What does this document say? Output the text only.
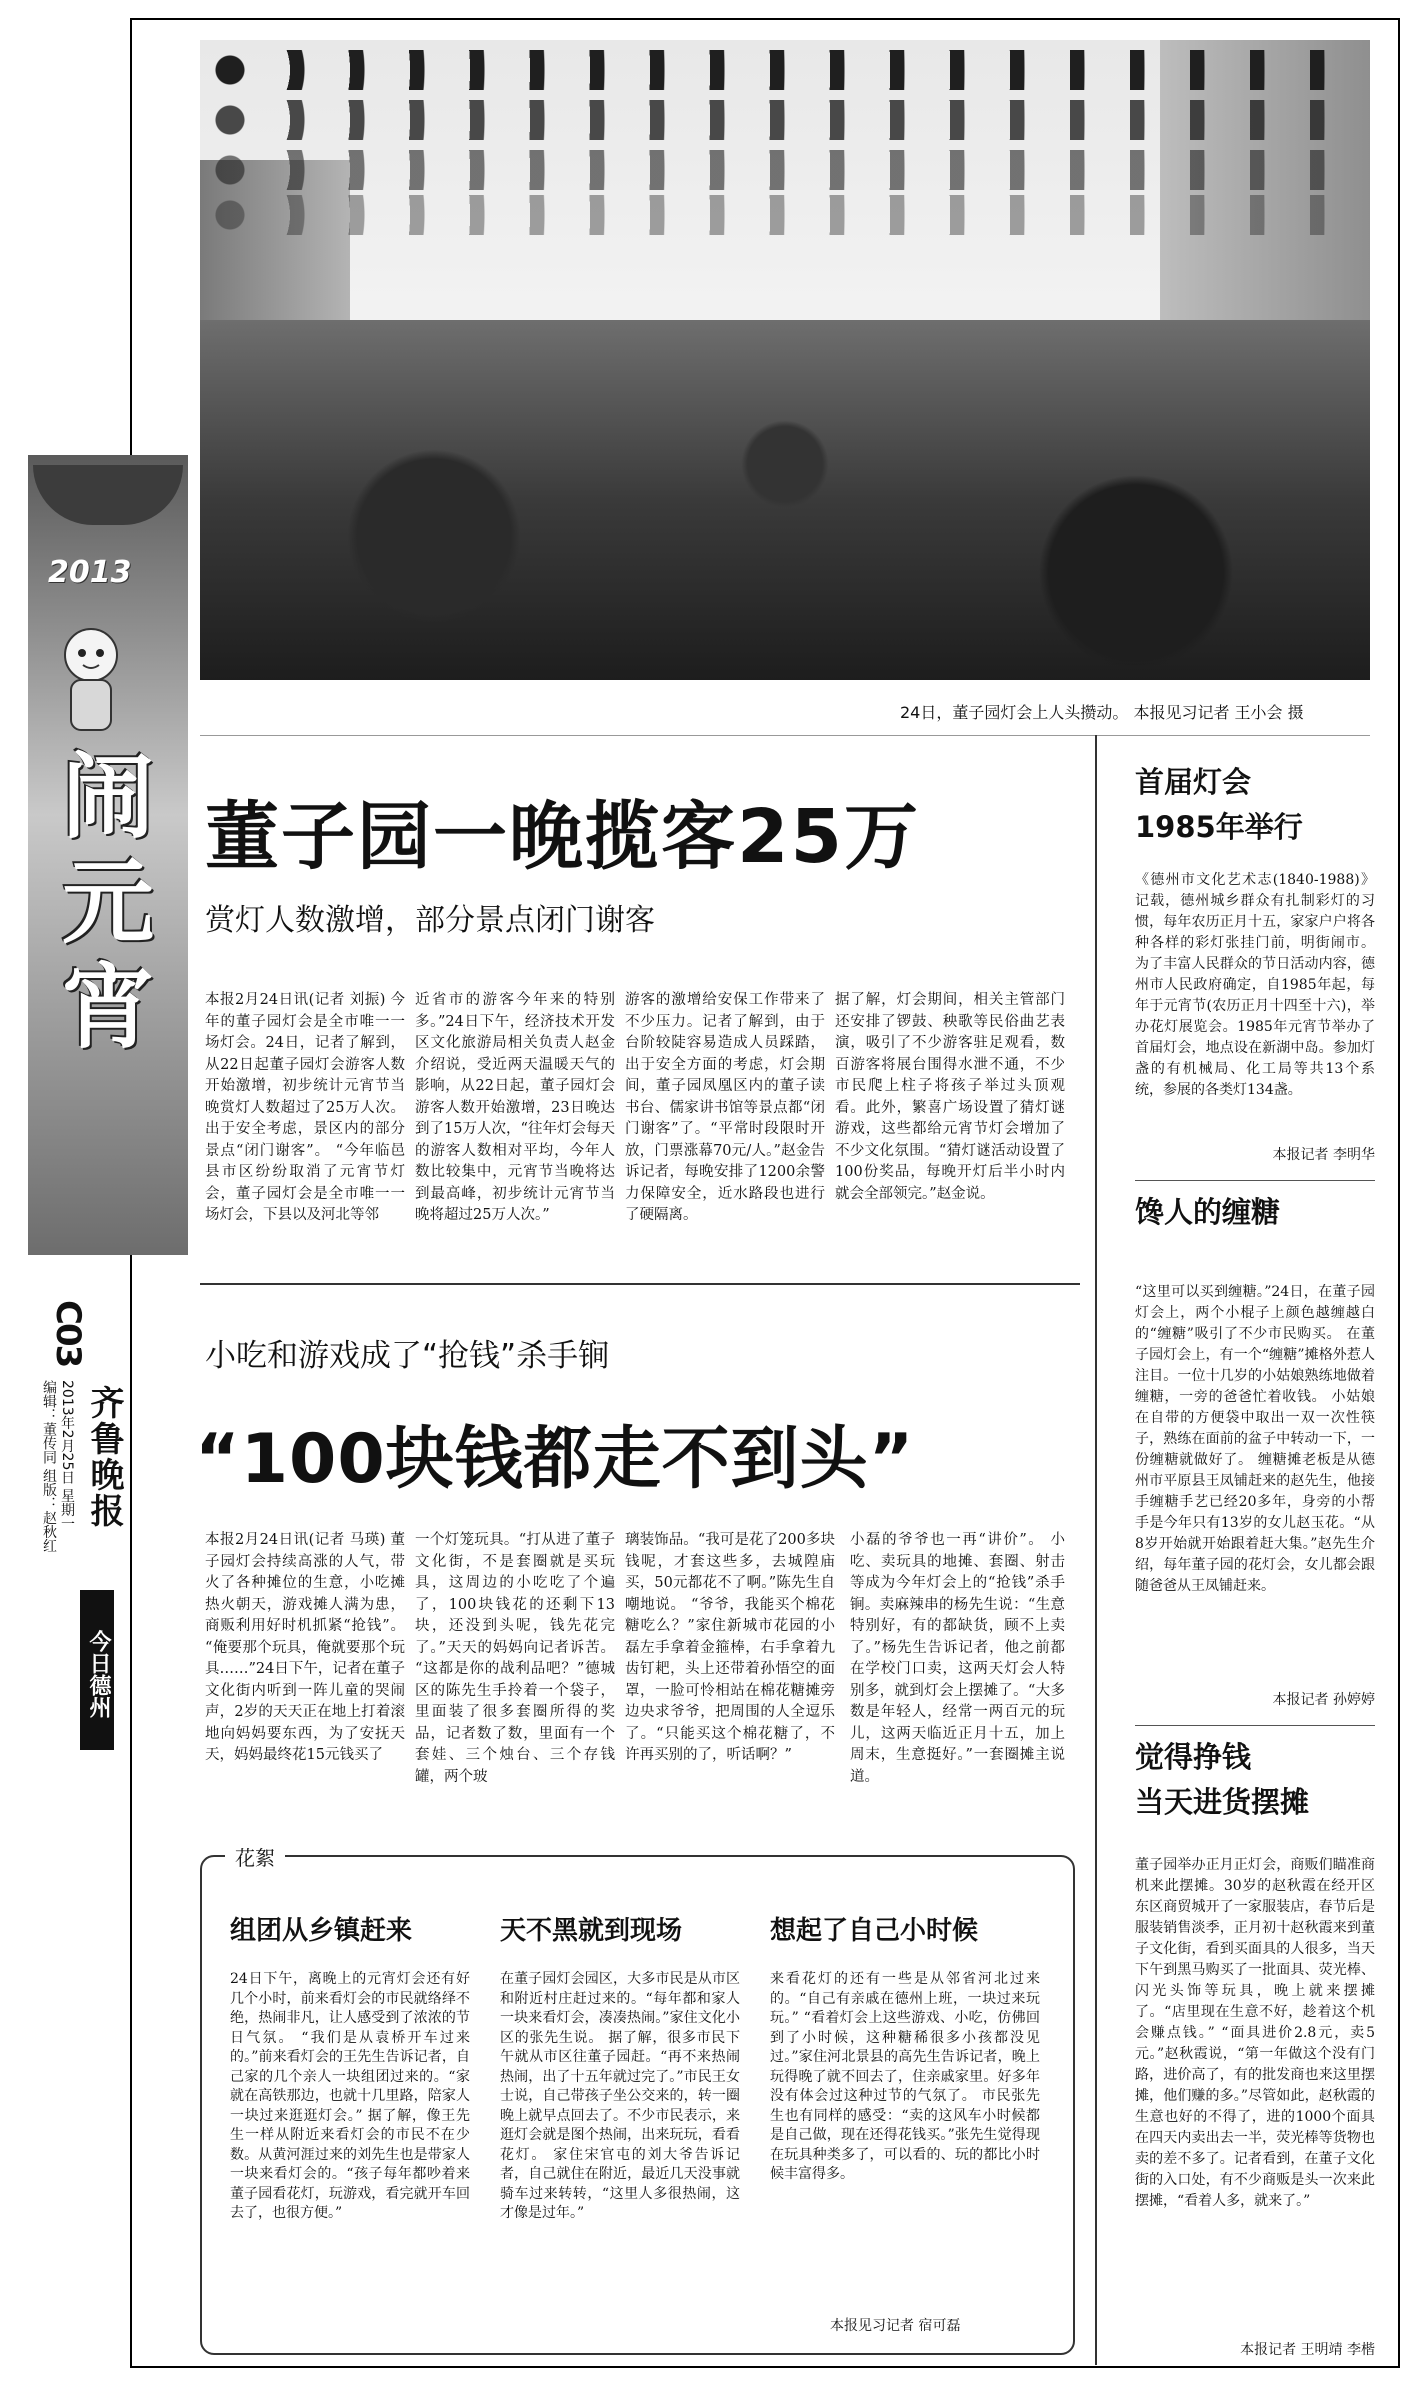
2013
闹元宵
C03
编辑：董传同 组版：赵秋红 2013年2月25日 星期一 齐鲁晚报
今日德州
24日，董子园灯会上人头攒动。 本报见习记者 王小会 摄
董子园一晚揽客25万
赏灯人数激增，部分景点闭门谢客
本报2月24日讯(记者 刘振) 今年的董子园灯会是全市唯一一场灯会。24日，记者了解到，从22日起董子园灯会游客人数开始激增，初步统计元宵节当晚赏灯人数超过了25万人次。出于安全考虑，景区内的部分景点“闭门谢客”。 “今年临邑县市区纷纷取消了元宵节灯会，董子园灯会是全市唯一一场灯会，下县以及河北等邻
近省市的游客今年来的特别多。”24日下午，经济技术开发区文化旅游局相关负责人赵金介绍说，受近两天温暖天气的影响，从22日起，董子园灯会游客人数开始激增，23日晚达到了15万人次，“往年灯会每天的游客人数相对平均，今年人数比较集中，元宵节当晚将达到最高峰，初步统计元宵节当晚将超过25万人次。”
游客的激增给安保工作带来了不少压力。记者了解到，由于台阶较陡容易造成人员踩踏，出于安全方面的考虑，灯会期间，董子园凤凰区内的董子读书台、儒家讲书馆等景点都“闭门谢客”了。“平常时段限时开放，门票涨幕70元/人。”赵金告诉记者，每晚安排了1200余警力保障安全，近水路段也进行了硬隔离。
据了解，灯会期间，相关主管部门还安排了锣鼓、秧歌等民俗曲艺表演，吸引了不少游客驻足观看，数百游客将展台围得水泄不通，不少市民爬上柱子将孩子举过头顶观看。此外，繁喜广场设置了猜灯谜游戏，这些都给元宵节灯会增加了不少文化氛围。“猜灯谜活动设置了100份奖品，每晚开灯后半小时内就会全部领完。”赵金说。
小吃和游戏成了“抢钱”杀手锏
“100块钱都走不到头”
本报2月24日讯(记者 马瑛) 董子园灯会持续高涨的人气，带火了各种摊位的生意，小吃摊热火朝天，游戏摊人满为患，商贩利用好时机抓紧“抢钱”。 “俺要那个玩具，俺就要那个玩具……”24日下午，记者在董子文化街内听到一阵儿童的哭闹声，2岁的天天正在地上打着滚地向妈妈要东西，为了安抚天天，妈妈最终花15元钱买了
一个灯笼玩具。“打从进了董子文化街，不是套圈就是买玩具，这周边的小吃吃了个遍了，100块钱花的还剩下13块，还没到头呢，钱先花完了。”天天的妈妈向记者诉苦。 “这都是你的战利品吧？”德城区的陈先生手拎着一个袋子，里面装了很多套圈所得的奖品，记者数了数，里面有一个套娃、三个烛台、三个存钱罐，两个玻
璃装饰品。“我可是花了200多块钱呢，才套这些多，去城隍庙买，50元都花不了啊。”陈先生自嘲地说。 “爷爷，我能买个棉花糖吃么？”家住新城市花园的小磊左手拿着金箍棒，右手拿着九齿钉耙，头上还带着孙悟空的面罩，一脸可怜相站在棉花糖摊旁边央求爷爷，把周围的人全逗乐了。“只能买这个棉花糖了，不许再买别的了，听话啊？”
小磊的爷爷也一再“讲价”。 小吃、卖玩具的地摊、套圈、射击等成为今年灯会上的“抢钱”杀手锏。卖麻辣串的杨先生说：“生意特别好，有的都缺货，顾不上卖了。”杨先生告诉记者，他之前都在学校门口卖，这两天灯会人特别多，就到灯会上摆摊了。“大多数是年轻人，经常一两百元的玩儿，这两天临近正月十五，加上周末，生意挺好。”一套圈摊主说道。
花絮
组团从乡镇赶来	天不黑就到现场	想起了自己小时候
24日下午，离晚上的元宵灯会还有好几个小时，前来看灯会的市民就络绎不绝，热闹非凡，让人感受到了浓浓的节日气氛。 “我们是从袁桥开车过来的。”前来看灯会的王先生告诉记者，自己家的几个亲人一块组团过来的。“家就在高铁那边，也就十几里路，陪家人一块过来逛逛灯会。” 据了解，像王先生一样从附近来看灯会的市民不在少数。从黄河涯过来的刘先生也是带家人一块来看灯会的。“孩子每年都吵着来董子园看花灯，玩游戏，看完就开车回去了，也很方便。”
在董子园灯会园区，大多市民是从市区和附近村庄赶过来的。“每年都和家人一块来看灯会，凑凑热闹。”家住文化小区的张先生说。 据了解，很多市民下午就从市区往董子园赶。“再不来热闹热闹，出了十五年就过完了。”市民王女士说，自己带孩子坐公交来的，转一圈晚上就早点回去了。不少市民表示，来逛灯会就是图个热闹，出来玩玩，看看花灯。 家住宋官屯的刘大爷告诉记者，自己就住在附近，最近几天没事就骑车过来转转，“这里人多很热闹，这才像是过年。”
来看花灯的还有一些是从邻省河北过来的。“自己有亲戚在德州上班，一块过来玩玩。” “看着灯会上这些游戏、小吃，仿佛回到了小时候，这种糖稀很多小孩都没见过。”家住河北景县的高先生告诉记者，晚上玩得晚了就不回去了，住亲戚家里。好多年没有体会过这种过节的气氛了。 市民张先生也有同样的感受：“卖的这风车小时候都是自己做，现在还得花钱买。”张先生觉得现在玩具种类多了，可以看的、玩的都比小时候丰富得多。
本报见习记者 宿可磊
首届灯会
1985年举行
《德州市文化艺术志(1840-1988)》记载，德州城乡群众有扎制彩灯的习惯，每年农历正月十五，家家户户将各种各样的彩灯张挂门前，明街闹市。 为了丰富人民群众的节日活动内容，德州市人民政府确定，自1985年起，每年于元宵节(农历正月十四至十六)，举办花灯展览会。1985年元宵节举办了首届灯会，地点设在新湖中岛。参加灯盏的有机械局、化工局等共13个系统，参展的各类灯134盏。
本报记者 李明华
馋人的缠糖
“这里可以买到缠糖。”24日，在董子园灯会上，两个小棍子上颜色越缠越白的“缠糖”吸引了不少市民购买。 在董子园灯会上，有一个“缠糖”摊格外惹人注目。一位十几岁的小姑娘熟练地做着缠糖，一旁的爸爸忙着收钱。 小姑娘在自带的方便袋中取出一双一次性筷子，熟练在面前的盆子中转动一下，一份缠糖就做好了。 缠糖摊老板是从德州市平原县王凤铺赶来的赵先生，他接手缠糖手艺已经20多年，身旁的小帮手是今年只有13岁的女儿赵玉花。“从8岁开始就开始跟着赶大集。”赵先生介绍，每年董子园的花灯会，女儿都会跟随爸爸从王凤铺赶来。
本报记者 孙婷婷
觉得挣钱
当天进货摆摊
董子园举办正月正灯会，商贩们瞄准商机来此摆摊。30岁的赵秋霞在经开区东区商贸城开了一家服装店，春节后是服装销售淡季，正月初十赵秋霞来到董子文化街，看到买面具的人很多，当天下午到黑马购买了一批面具、荧光棒、闪光头饰等玩具，晚上就来摆摊了。“店里现在生意不好，趁着这个机会赚点钱。” “面具进价2.8元，卖5元。”赵秋霞说，“第一年做这个没有门路，进价高了，有的批发商也来这里摆摊，他们赚的多。”尽管如此，赵秋霞的生意也好的不得了，进的1000个面具在四天内卖出去一半，荧光棒等货物也卖的差不多了。记者看到，在董子文化街的入口处，有不少商贩是头一次来此摆摊，“看着人多，就来了。”
本报记者 王明靖 李楷
